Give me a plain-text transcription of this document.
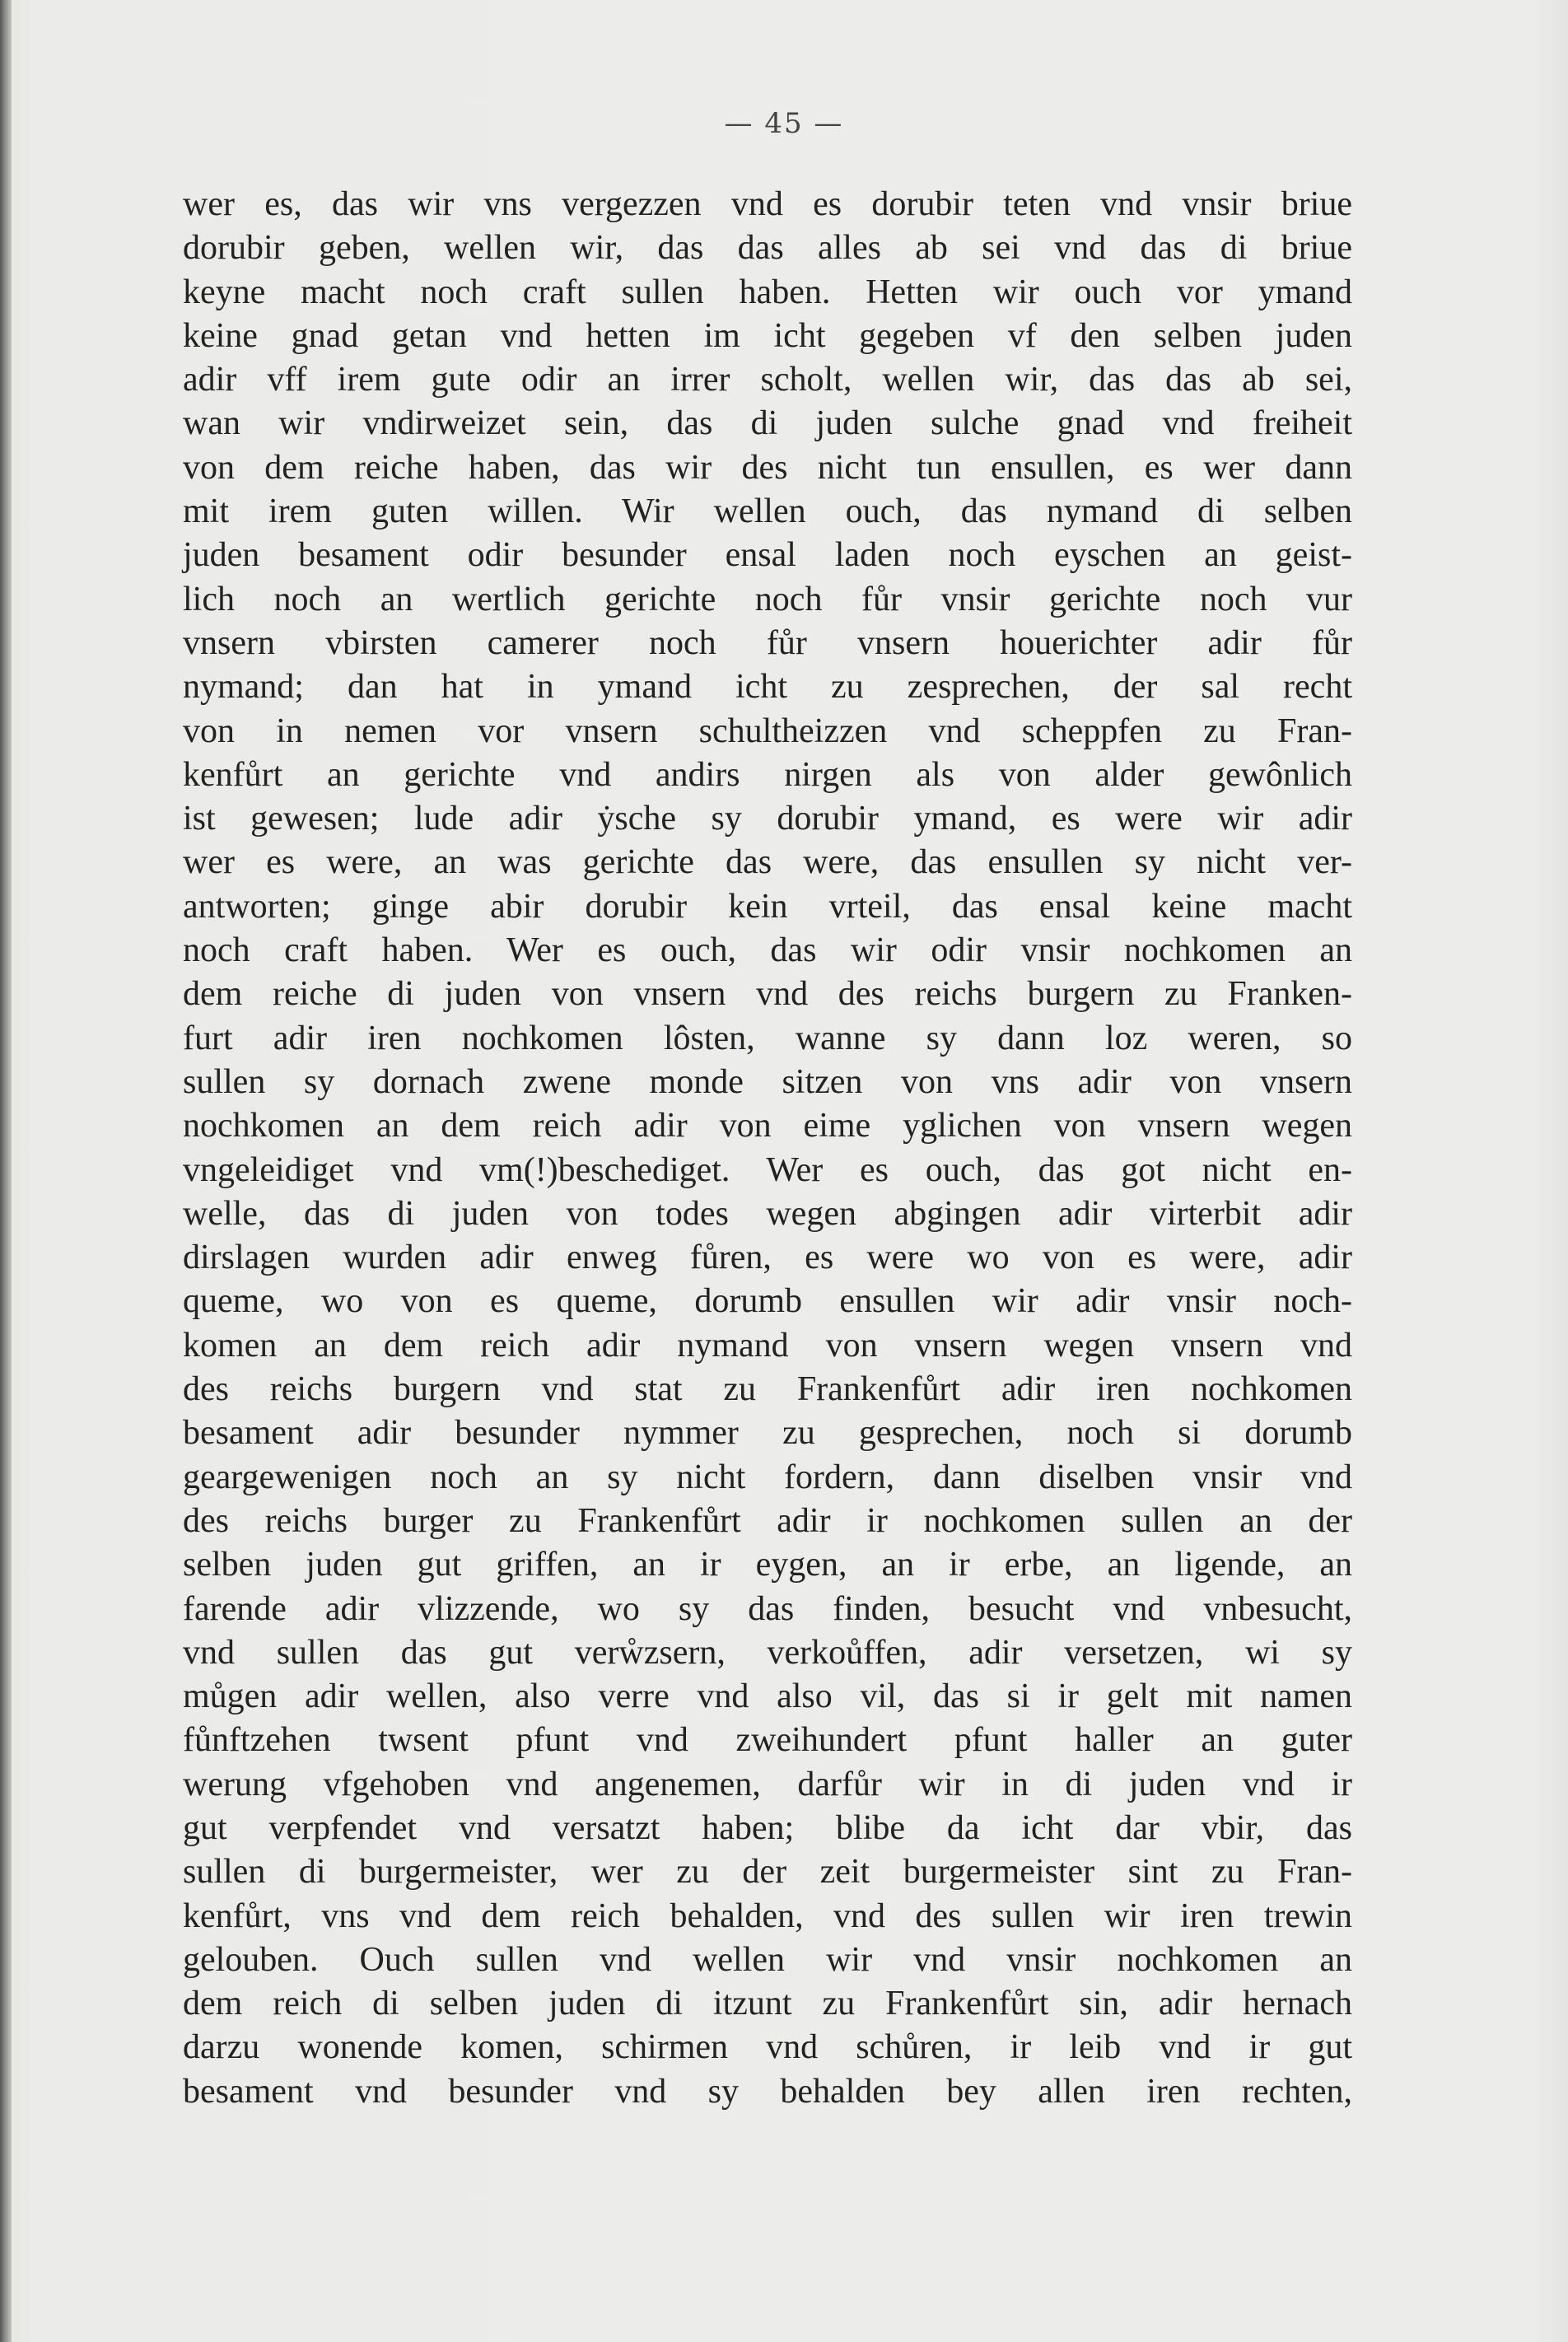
— 45 —
wer es, das wir vns vergezzen vnd es dorubir teten vnd vnsir briue
dorubir geben, wellen wir, das das alles ab sei vnd das di briue
keyne macht noch craft sullen haben. Hetten wir ouch vor ymand
keine gnad getan vnd hetten im icht gegeben vf den selben juden
adir vff irem gute odir an irrer scholt, wellen wir, das das ab sei,
wan wir vndirweizet sein, das di juden sulche gnad vnd freiheit
von dem reiche haben, das wir des nicht tun ensullen, es wer dann
mit irem guten willen. Wir wellen ouch, das nymand di selben
juden besament odir besunder ensal laden noch eyschen an geist-
lich noch an wertlich gerichte noch fůr vnsir gerichte noch vur
vnsern vbirsten camerer noch fůr vnsern houerichter adir fůr
nymand; dan hat in ymand icht zu zesprechen, der sal recht
von in nemen vor vnsern schultheizzen vnd scheppfen zu Fran-
kenfůrt an gerichte vnd andirs nirgen als von alder gewônlich
ist gewesen; lude adir ẏsche sy dorubir ymand, es were wir adir
wer es were, an was gerichte das were, das ensullen sy nicht ver-
antworten; ginge abir dorubir kein vrteil, das ensal keine macht
noch craft haben. Wer es ouch, das wir odir vnsir nochkomen an
dem reiche di juden von vnsern vnd des reichs burgern zu Franken-
furt adir iren nochkomen lôsten, wanne sy dann loz weren, so
sullen sy dornach zwene monde sitzen von vns adir von vnsern
nochkomen an dem reich adir von eime yglichen von vnsern wegen
vngeleidiget vnd vm(!)beschediget. Wer es ouch, das got nicht en-
welle, das di juden von todes wegen abgingen adir virterbit adir
dirslagen wurden adir enweg fůren, es were wo von es were, adir
queme, wo von es queme, dorumb ensullen wir adir vnsir noch-
komen an dem reich adir nymand von vnsern wegen vnsern vnd
des reichs burgern vnd stat zu Frankenfůrt adir iren nochkomen
besament adir besunder nymmer zu gesprechen, noch si dorumb
geargewenigen noch an sy nicht fordern, dann diselben vnsir vnd
des reichs burger zu Frankenfůrt adir ir nochkomen sullen an der
selben juden gut griffen, an ir eygen, an ir erbe, an ligende, an
farende adir vlizzende, wo sy das finden, besucht vnd vnbesucht,
vnd sullen das gut verẘzsern, verkoůffen, adir versetzen, wi sy
můgen adir wellen, also verre vnd also vil, das si ir gelt mit namen
fůnftzehen twsent pfunt vnd zweihundert pfunt haller an guter
werung vfgehoben vnd angenemen, darfůr wir in di juden vnd ir
gut verpfendet vnd versatzt haben; blibe da icht dar vbir, das
sullen di burgermeister, wer zu der zeit burgermeister sint zu Fran-
kenfůrt, vns vnd dem reich behalden, vnd des sullen wir iren trewin
gelouben. Ouch sullen vnd wellen wir vnd vnsir nochkomen an
dem reich di selben juden di itzunt zu Frankenfůrt sin, adir hernach
darzu wonende komen, schirmen vnd schůren, ir leib vnd ir gut
besament vnd besunder vnd sy behalden bey allen iren rechten,
